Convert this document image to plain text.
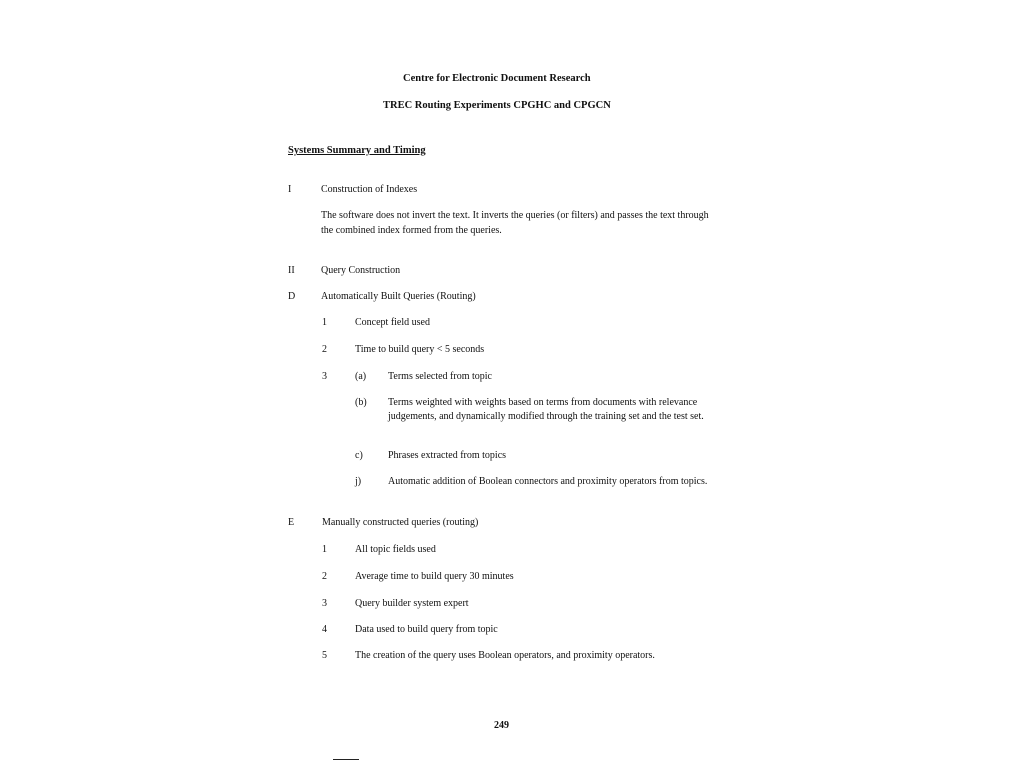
Centre for Electronic Document Research
TREC Routing Experiments CPGHC and CPGCN
Systems Summary and Timing
I	Construction of Indexes
The software does not invert the text. It inverts the queries (or filters) and passes the text through the combined index formed from the queries.
II	Query Construction
D	Automatically Built Queries (Routing)
1	Concept field used
2	Time to build query < 5 seconds
3	(a) Terms selected from topic
(b) Terms weighted with weights based on terms from documents with relevance judgements, and dynamically modified through the training set and the test set.
c)	Phrases extracted from topics
j)	Automatic addition of Boolean connectors and proximity operators from topics.
E	Manually constructed queries (routing)
1	All topic fields used
2	Average time to build query 30 minutes
3	Query builder system expert
4	Data used to build query from topic
5	The creation of the query uses Boolean operators, and proximity operators.
249
